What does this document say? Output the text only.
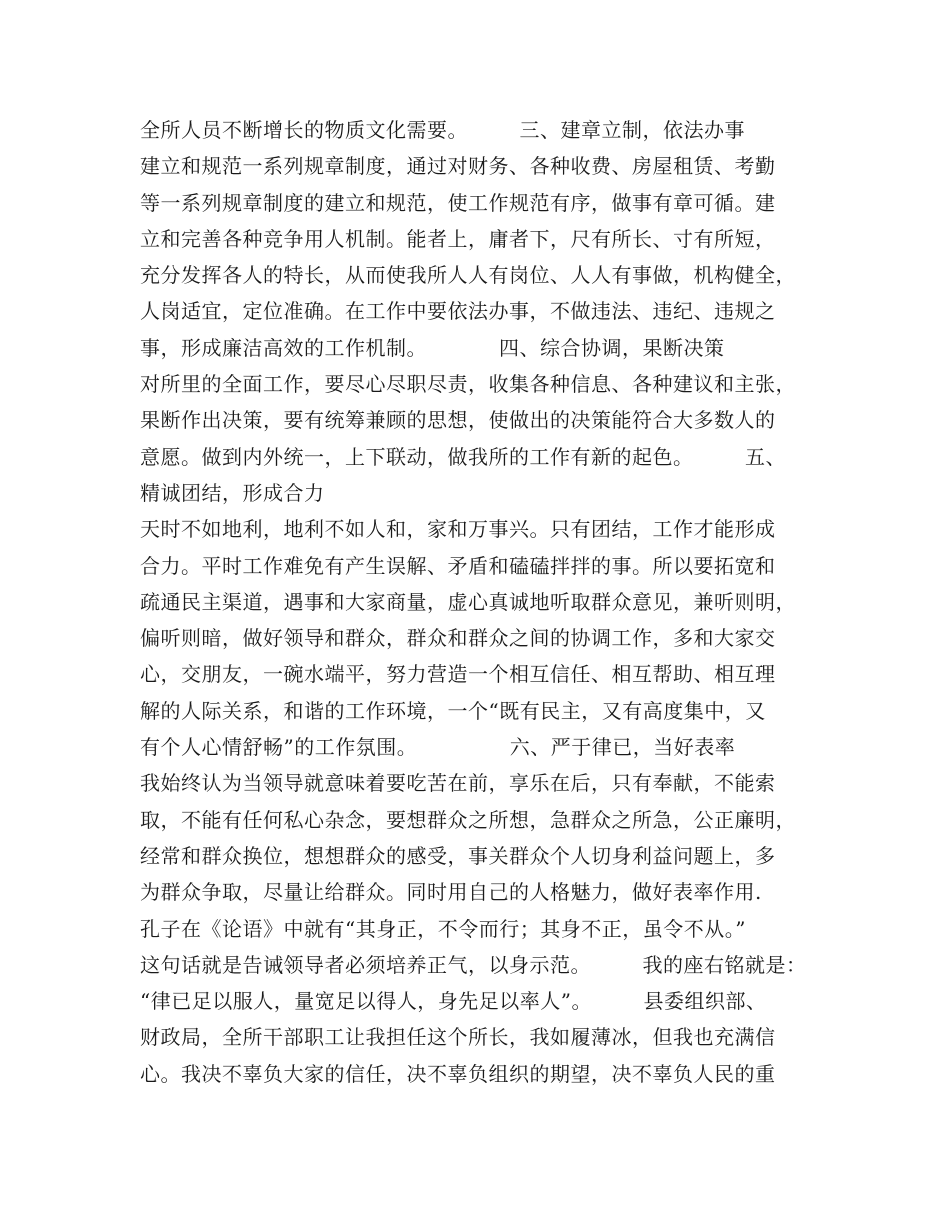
全所人员不断增长的物质文化需要。　　　三、建章立制，依法办事
建立和规范一系列规章制度，通过对财务、各种收费、房屋租赁、考勤
等一系列规章制度的建立和规范，使工作规范有序，做事有章可循。建
立和完善各种竞争用人机制。能者上，庸者下，尺有所长、寸有所短，
充分发挥各人的特长，从而使我所人人有岗位、人人有事做，机构健全，
人岗适宜，定位准确。在工作中要依法办事，不做违法、违纪、违规之
事，形成廉洁高效的工作机制。　　　　四、综合协调，果断决策
对所里的全面工作，要尽心尽职尽责，收集各种信息、各种建议和主张，
果断作出决策，要有统筹兼顾的思想，使做出的决策能符合大多数人的
意愿。做到内外统一，上下联动，做我所的工作有新的起色。　　　五、
精诚团结，形成合力
天时不如地利，地利不如人和，家和万事兴。只有团结，工作才能形成
合力。平时工作难免有产生误解、矛盾和磕磕拌拌的事。所以要拓宽和
疏通民主渠道，遇事和大家商量，虚心真诚地听取群众意见，兼听则明，
偏听则暗，做好领导和群众，群众和群众之间的协调工作，多和大家交
心，交朋友，一碗水端平，努力营造一个相互信任、相互帮助、相互理
解的人际关系，和谐的工作环境，一个“既有民主，又有高度集中，又
有个人心情舒畅”的工作氛围。　　　　　六、严于律已，当好表率
我始终认为当领导就意味着要吃苦在前，享乐在后，只有奉献，不能索
取，不能有任何私心杂念，要想群众之所想，急群众之所急，公正廉明，
经常和群众换位，想想群众的感受，事关群众个人切身利益问题上，多
为群众争取，尽量让给群众。同时用自己的人格魅力，做好表率作用.
孔子在《论语》中就有“其身正，不令而行；其身不正，虽令不从。”
这句话就是告诫领导者必须培养正气，以身示范。　　　我的座右铭就是：
“律已足以服人，量宽足以得人，身先足以率人”。　　　县委组织部、
财政局，全所干部职工让我担任这个所长，我如履薄冰，但我也充满信
心。我决不辜负大家的信任，决不辜负组织的期望，决不辜负人民的重
